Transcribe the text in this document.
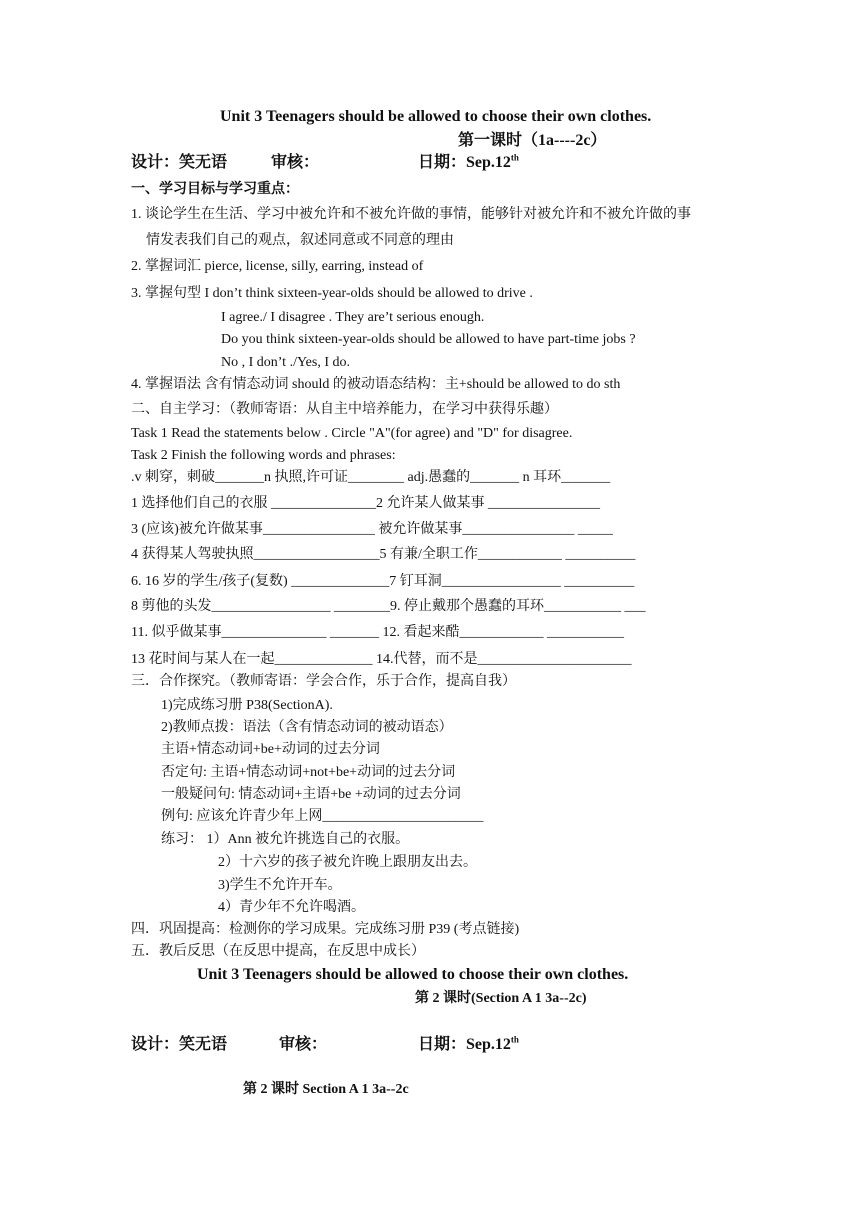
Unit 3 Teenagers should be allowed to choose their own clothes.
第一课时（1a----2c）
设计：笑无语	审核：	日期：Sep.12th
一、学习目标与学习重点：
1. 谈论学生在生活、学习中被允许和不被允许做的事情，能够针对被允许和不被允许做的事
情发表我们自己的观点，叙述同意或不同意的理由
2. 掌握词汇 pierce, license, silly, earring, instead of
3. 掌握句型 I don’t think sixteen-year-olds should be allowed to drive .
I agree./ I disagree . They are’t serious enough.
Do you think sixteen-year-olds should be allowed to have part-time jobs ?
No , I don’t ./Yes, I do.
4. 掌握语法 含有情态动词 should 的被动语态结构：主+should be allowed to do sth
二、自主学习：（教师寄语：从自主中培养能力，在学习中获得乐趣）
Task 1 Read the statements below . Circle "A"(for agree) and "D" for disagree.
Task 2 Finish the following words and phrases:
.v 刺穿，刺破_______n 执照,许可证________ adj.愚蠢的_______ n 耳环_______
1 选择他们自己的衣服 _______________2 允许某人做某事 ________________
3 (应该)被允许做某事________________ 被允许做某事________________ _____
4 获得某人驾驶执照__________________5 有兼/全职工作____________ __________
6. 16 岁的学生/孩子(复数) ______________7 钉耳洞_________________ __________
8 剪他的头发_________________ ________9. 停止戴那个愚蠢的耳环___________ ___
11. 似乎做某事_______________ _______ 12. 看起来酷____________ ___________
13 花时间与某人在一起______________ 14.代替，而不是______________________
三．合作探究。（教师寄语：学会合作，乐于合作，提高自我）
1)完成练习册 P38(SectionA).
2)教师点拨：语法（含有情态动词的被动语态）
主语+情态动词+be+动词的过去分词
否定句: 主语+情态动词+not+be+动词的过去分词
一般疑问句: 情态动词+主语+be +动词的过去分词
例句: 应该允许青少年上网_______________________
练习： 1）Ann 被允许挑选自己的衣服。
2）十六岁的孩子被允许晚上跟朋友出去。
3)学生不允许开车。
4）青少年不允许喝酒。
四．巩固提高：检测你的学习成果。完成练习册 P39 (考点链接)
五．教后反思（在反思中提高，在反思中成长）
Unit 3 Teenagers should be allowed to choose their own clothes.
第 2 课时(Section A 1 3a--2c)
设计：笑无语	审核：	日期：Sep.12th
第 2 课时 Section A 1 3a--2c
